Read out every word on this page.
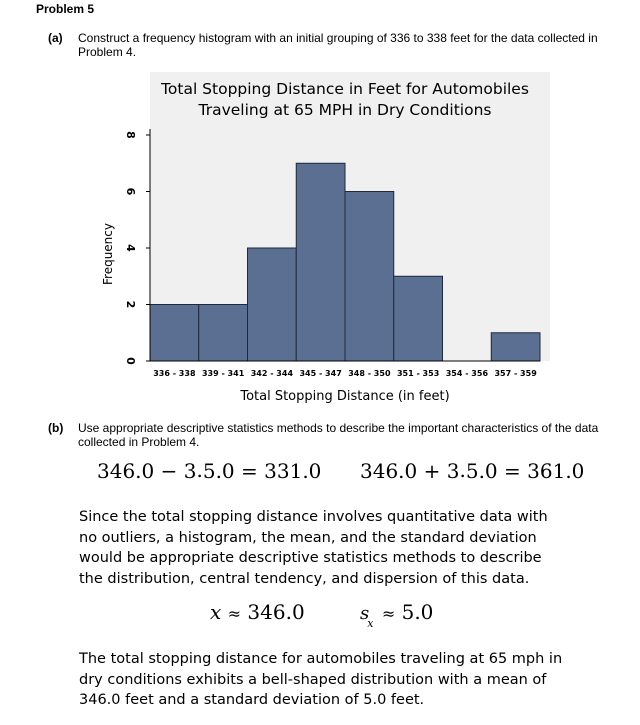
Problem 5
(a) Construct a frequency histogram with an initial grouping of 336 to 338 feet for the data collected in Problem 4.
Total Stopping Distance in Feet for Automobiles
Traveling at 65 MPH in Dry Conditions
0
2
4
6
8
336 - 338 339 - 341 342 - 344 345 - 347 348 - 350 351 - 353 354 - 356 357 - 359
Total Stopping Distance (in feet)
Frequency
(b) Use appropriate descriptive statistics methods to describe the important characteristics of the data collected in Problem 4.
346.0 − 3.5.0 = 331.0 346.0 + 3.5.0 = 361.0
Since the total stopping distance involves quantitative data with no outliers, a histogram, the mean, and the standard deviation would be appropriate descriptive statistics methods to describe the distribution, central tendency, and dispersion of this data.
x ≈ 346.0	$s_x \approx 5.0$
The total stopping distance for automobiles traveling at 65 mph in dry conditions exhibits a bell-shaped distribution with a mean of 346.0 feet and a standard deviation of 5.0 feet.
